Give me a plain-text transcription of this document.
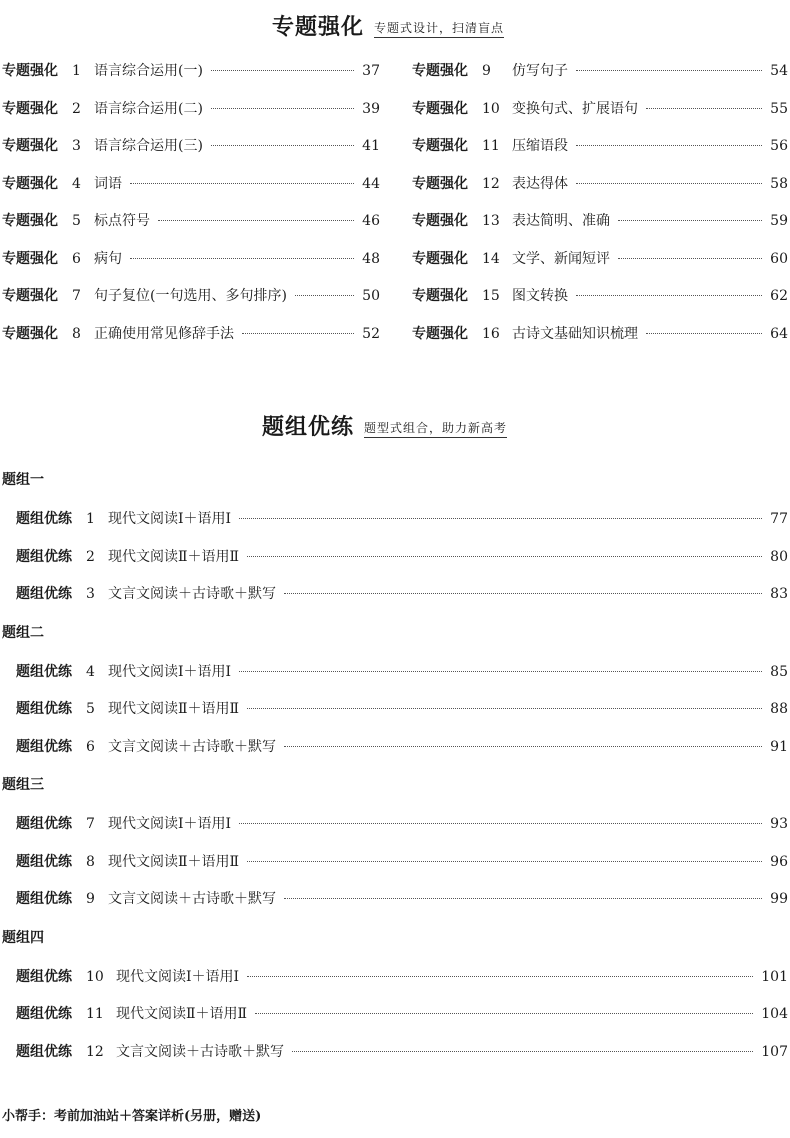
专题强化 专题式设计，扫清盲点
专题强化	1 语言综合运用(一)	37
专题强化	2 语言综合运用(二)	39
专题强化	3 语言综合运用(三)	41
专题强化	4 词语	44
专题强化	5 标点符号	46
专题强化	6 病句	48
专题强化	7 句子复位(一句选用、多句排序)	50
专题强化	8 正确使用常见修辞手法	52
专题强化	9	仿写句子	54
专题强化	10 变换句式、扩展语句	55
专题强化	11 压缩语段	56
专题强化	12 表达得体	58
专题强化	13 表达简明、准确	59
专题强化	14 文学、新闻短评	60
专题强化	15 图文转换	62
专题强化	16 古诗文基础知识梳理	64
题组优练 题型式组合，助力新高考
题组一
题组优练	1 现代文阅读Ⅰ＋语用Ⅰ	77
题组优练	2 现代文阅读Ⅱ＋语用Ⅱ	80
题组优练	3 文言文阅读＋古诗歌＋默写	83
题组二
题组优练	4 现代文阅读Ⅰ＋语用Ⅰ	85
题组优练	5 现代文阅读Ⅱ＋语用Ⅱ	88
题组优练	6 文言文阅读＋古诗歌＋默写	91
题组三
题组优练	7 现代文阅读Ⅰ＋语用Ⅰ	93
题组优练	8 现代文阅读Ⅱ＋语用Ⅱ	96
题组优练	9 文言文阅读＋古诗歌＋默写	99
题组四
题组优练	10 现代文阅读Ⅰ＋语用Ⅰ	101
题组优练	11 现代文阅读Ⅱ＋语用Ⅱ	104
题组优练	12 文言文阅读＋古诗歌＋默写	107
小帮手：考前加油站＋答案详析(另册，赠送)
